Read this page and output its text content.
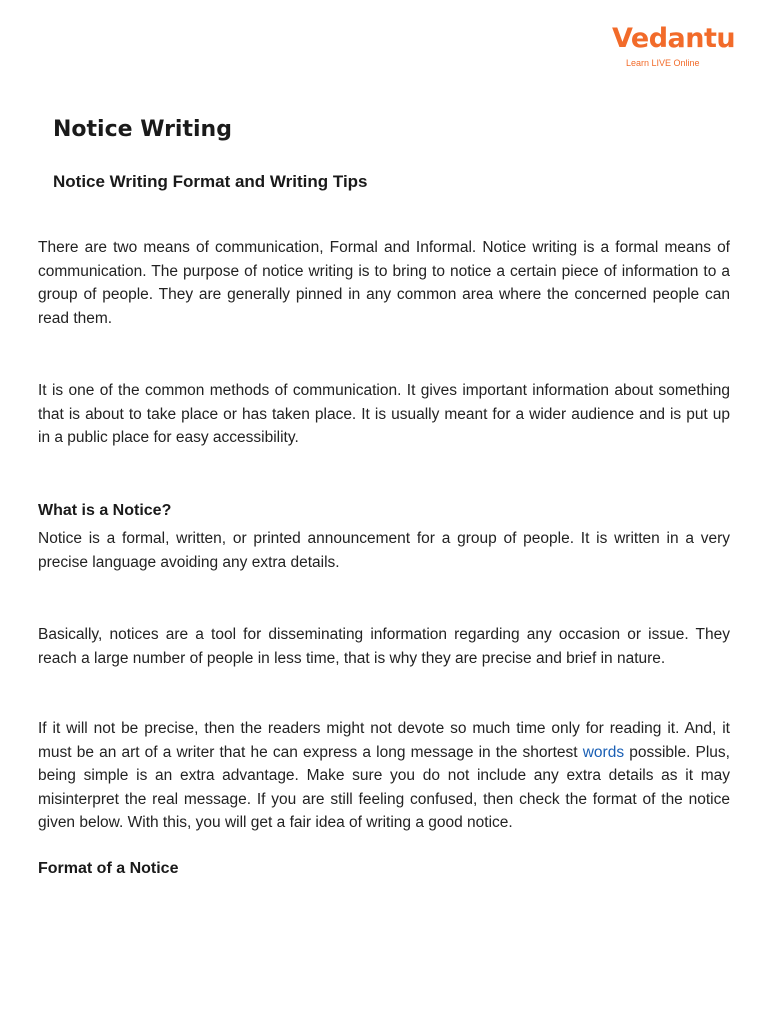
Vedantu
Learn LIVE Online
Notice Writing
Notice Writing Format and Writing Tips

There are two means of communication, Formal and Informal. Notice writing is a formal means of communication. The purpose of notice writing is to bring to notice a certain piece of information to a group of people. They are generally pinned in any common area where the concerned people can read them.

It is one of the common methods of communication. It gives important information about something that is about to take place or has taken place. It is usually meant for a wider audience and is put up in a public place for easy accessibility.

What is a Notice?

Notice is a formal, written, or printed announcement for a group of people. It is written in a very precise language avoiding any extra details.

Basically, notices are a tool for disseminating information regarding any occasion or issue. They reach a large number of people in less time, that is why they are precise and brief in nature.

If it will not be precise, then the readers might not devote so much time only for reading it. And, it must be an art of a writer that he can express a long message in the shortest words possible. Plus, being simple is an extra advantage. Make sure you do not include any extra details as it may misinterpret the real message. If you are still feeling confused, then check the format of the notice given below. With this, you will get a fair idea of writing a good notice.

Format of a Notice
